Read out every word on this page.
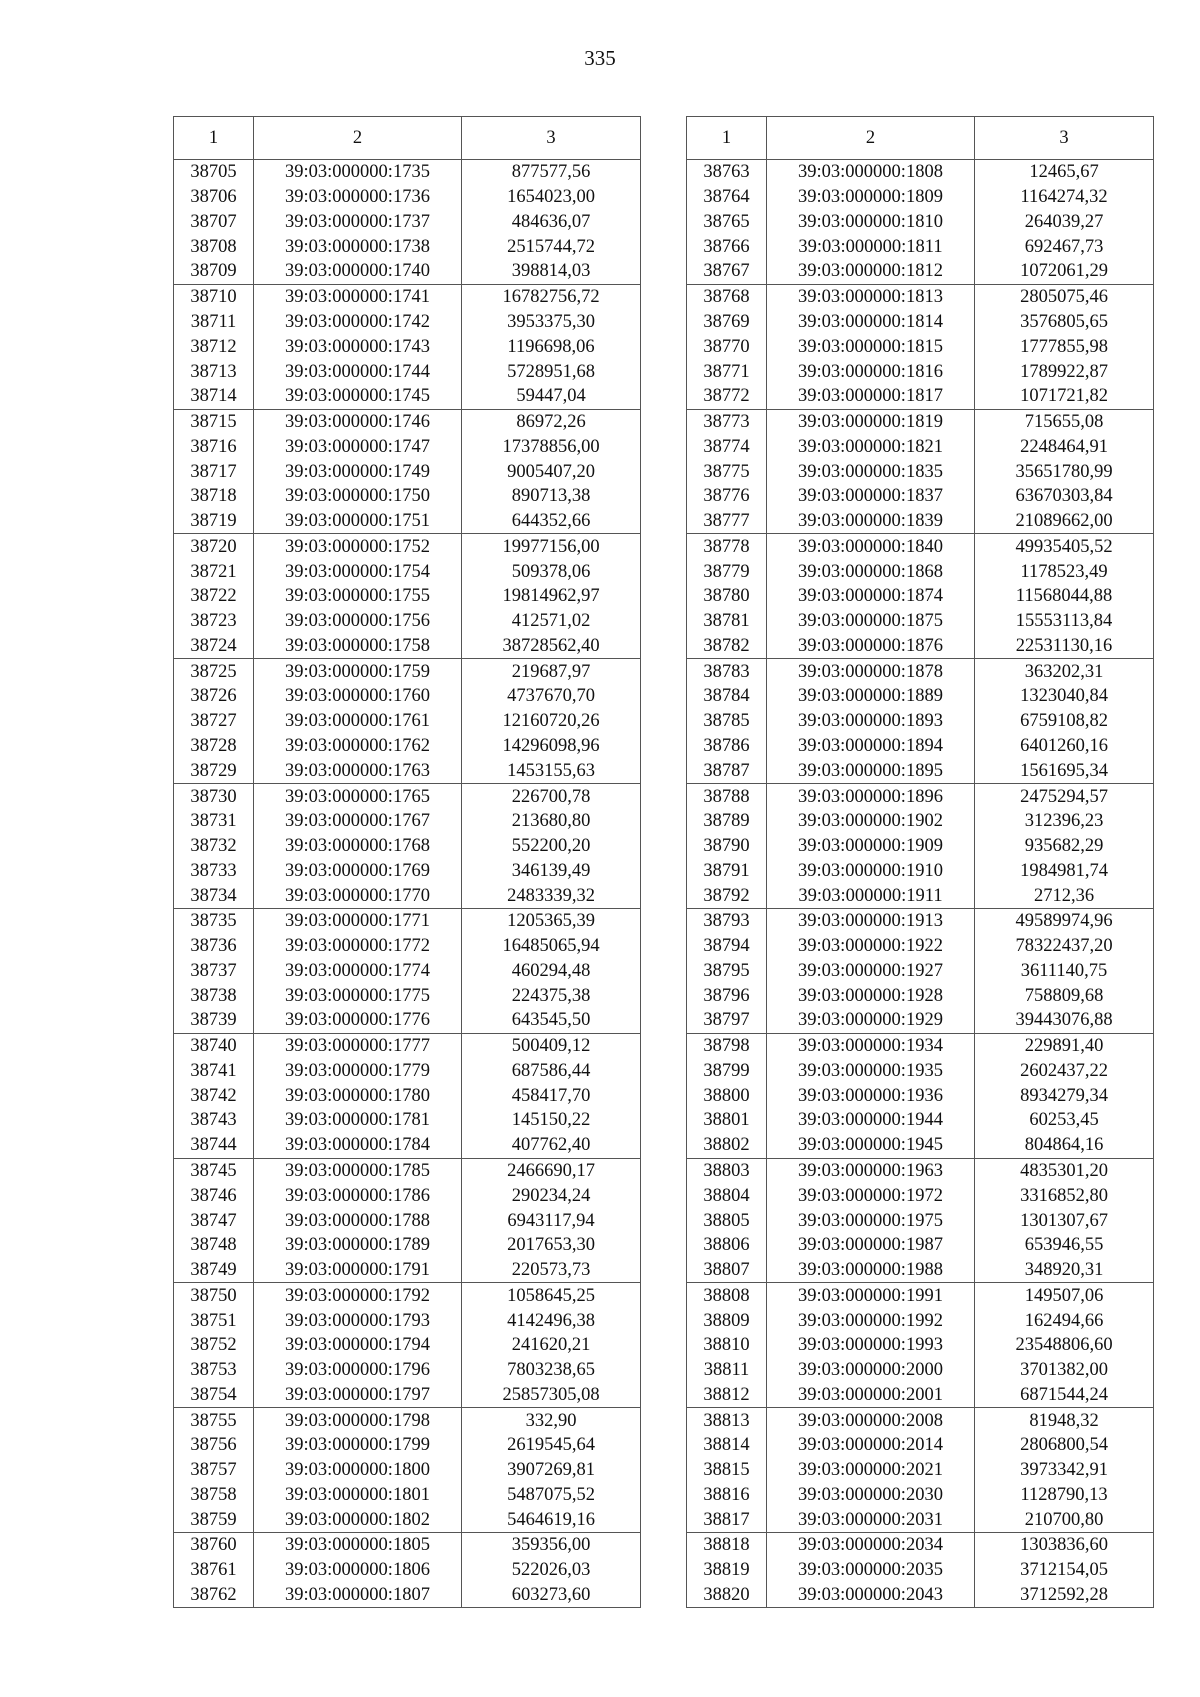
335
1	2	3
38705	39:03:000000:1735	877577,56
38706	39:03:000000:1736	1654023,00
38707	39:03:000000:1737	484636,07
38708	39:03:000000:1738	2515744,72
38709	39:03:000000:1740	398814,03
38710	39:03:000000:1741	16782756,72
38711	39:03:000000:1742	3953375,30
38712	39:03:000000:1743	1196698,06
38713	39:03:000000:1744	5728951,68
38714	39:03:000000:1745	59447,04
38715	39:03:000000:1746	86972,26
38716	39:03:000000:1747	17378856,00
38717	39:03:000000:1749	9005407,20
38718	39:03:000000:1750	890713,38
38719	39:03:000000:1751	644352,66
38720	39:03:000000:1752	19977156,00
38721	39:03:000000:1754	509378,06
38722	39:03:000000:1755	19814962,97
38723	39:03:000000:1756	412571,02
38724	39:03:000000:1758	38728562,40
38725	39:03:000000:1759	219687,97
38726	39:03:000000:1760	4737670,70
38727	39:03:000000:1761	12160720,26
38728	39:03:000000:1762	14296098,96
38729	39:03:000000:1763	1453155,63
38730	39:03:000000:1765	226700,78
38731	39:03:000000:1767	213680,80
38732	39:03:000000:1768	552200,20
38733	39:03:000000:1769	346139,49
38734	39:03:000000:1770	2483339,32
38735	39:03:000000:1771	1205365,39
38736	39:03:000000:1772	16485065,94
38737	39:03:000000:1774	460294,48
38738	39:03:000000:1775	224375,38
38739	39:03:000000:1776	643545,50
38740	39:03:000000:1777	500409,12
38741	39:03:000000:1779	687586,44
38742	39:03:000000:1780	458417,70
38743	39:03:000000:1781	145150,22
38744	39:03:000000:1784	407762,40
38745	39:03:000000:1785	2466690,17
38746	39:03:000000:1786	290234,24
38747	39:03:000000:1788	6943117,94
38748	39:03:000000:1789	2017653,30
38749	39:03:000000:1791	220573,73
38750	39:03:000000:1792	1058645,25
38751	39:03:000000:1793	4142496,38
38752	39:03:000000:1794	241620,21
38753	39:03:000000:1796	7803238,65
38754	39:03:000000:1797	25857305,08
38755	39:03:000000:1798	332,90
38756	39:03:000000:1799	2619545,64
38757	39:03:000000:1800	3907269,81
38758	39:03:000000:1801	5487075,52
38759	39:03:000000:1802	5464619,16
38760	39:03:000000:1805	359356,00
38761	39:03:000000:1806	522026,03
38762	39:03:000000:1807	603273,60
1	2	3
38763	39:03:000000:1808	12465,67
38764	39:03:000000:1809	1164274,32
38765	39:03:000000:1810	264039,27
38766	39:03:000000:1811	692467,73
38767	39:03:000000:1812	1072061,29
38768	39:03:000000:1813	2805075,46
38769	39:03:000000:1814	3576805,65
38770	39:03:000000:1815	1777855,98
38771	39:03:000000:1816	1789922,87
38772	39:03:000000:1817	1071721,82
38773	39:03:000000:1819	715655,08
38774	39:03:000000:1821	2248464,91
38775	39:03:000000:1835	35651780,99
38776	39:03:000000:1837	63670303,84
38777	39:03:000000:1839	21089662,00
38778	39:03:000000:1840	49935405,52
38779	39:03:000000:1868	1178523,49
38780	39:03:000000:1874	11568044,88
38781	39:03:000000:1875	15553113,84
38782	39:03:000000:1876	22531130,16
38783	39:03:000000:1878	363202,31
38784	39:03:000000:1889	1323040,84
38785	39:03:000000:1893	6759108,82
38786	39:03:000000:1894	6401260,16
38787	39:03:000000:1895	1561695,34
38788	39:03:000000:1896	2475294,57
38789	39:03:000000:1902	312396,23
38790	39:03:000000:1909	935682,29
38791	39:03:000000:1910	1984981,74
38792	39:03:000000:1911	2712,36
38793	39:03:000000:1913	49589974,96
38794	39:03:000000:1922	78322437,20
38795	39:03:000000:1927	3611140,75
38796	39:03:000000:1928	758809,68
38797	39:03:000000:1929	39443076,88
38798	39:03:000000:1934	229891,40
38799	39:03:000000:1935	2602437,22
38800	39:03:000000:1936	8934279,34
38801	39:03:000000:1944	60253,45
38802	39:03:000000:1945	804864,16
38803	39:03:000000:1963	4835301,20
38804	39:03:000000:1972	3316852,80
38805	39:03:000000:1975	1301307,67
38806	39:03:000000:1987	653946,55
38807	39:03:000000:1988	348920,31
38808	39:03:000000:1991	149507,06
38809	39:03:000000:1992	162494,66
38810	39:03:000000:1993	23548806,60
38811	39:03:000000:2000	3701382,00
38812	39:03:000000:2001	6871544,24
38813	39:03:000000:2008	81948,32
38814	39:03:000000:2014	2806800,54
38815	39:03:000000:2021	3973342,91
38816	39:03:000000:2030	1128790,13
38817	39:03:000000:2031	210700,80
38818	39:03:000000:2034	1303836,60
38819	39:03:000000:2035	3712154,05
38820	39:03:000000:2043	3712592,28
